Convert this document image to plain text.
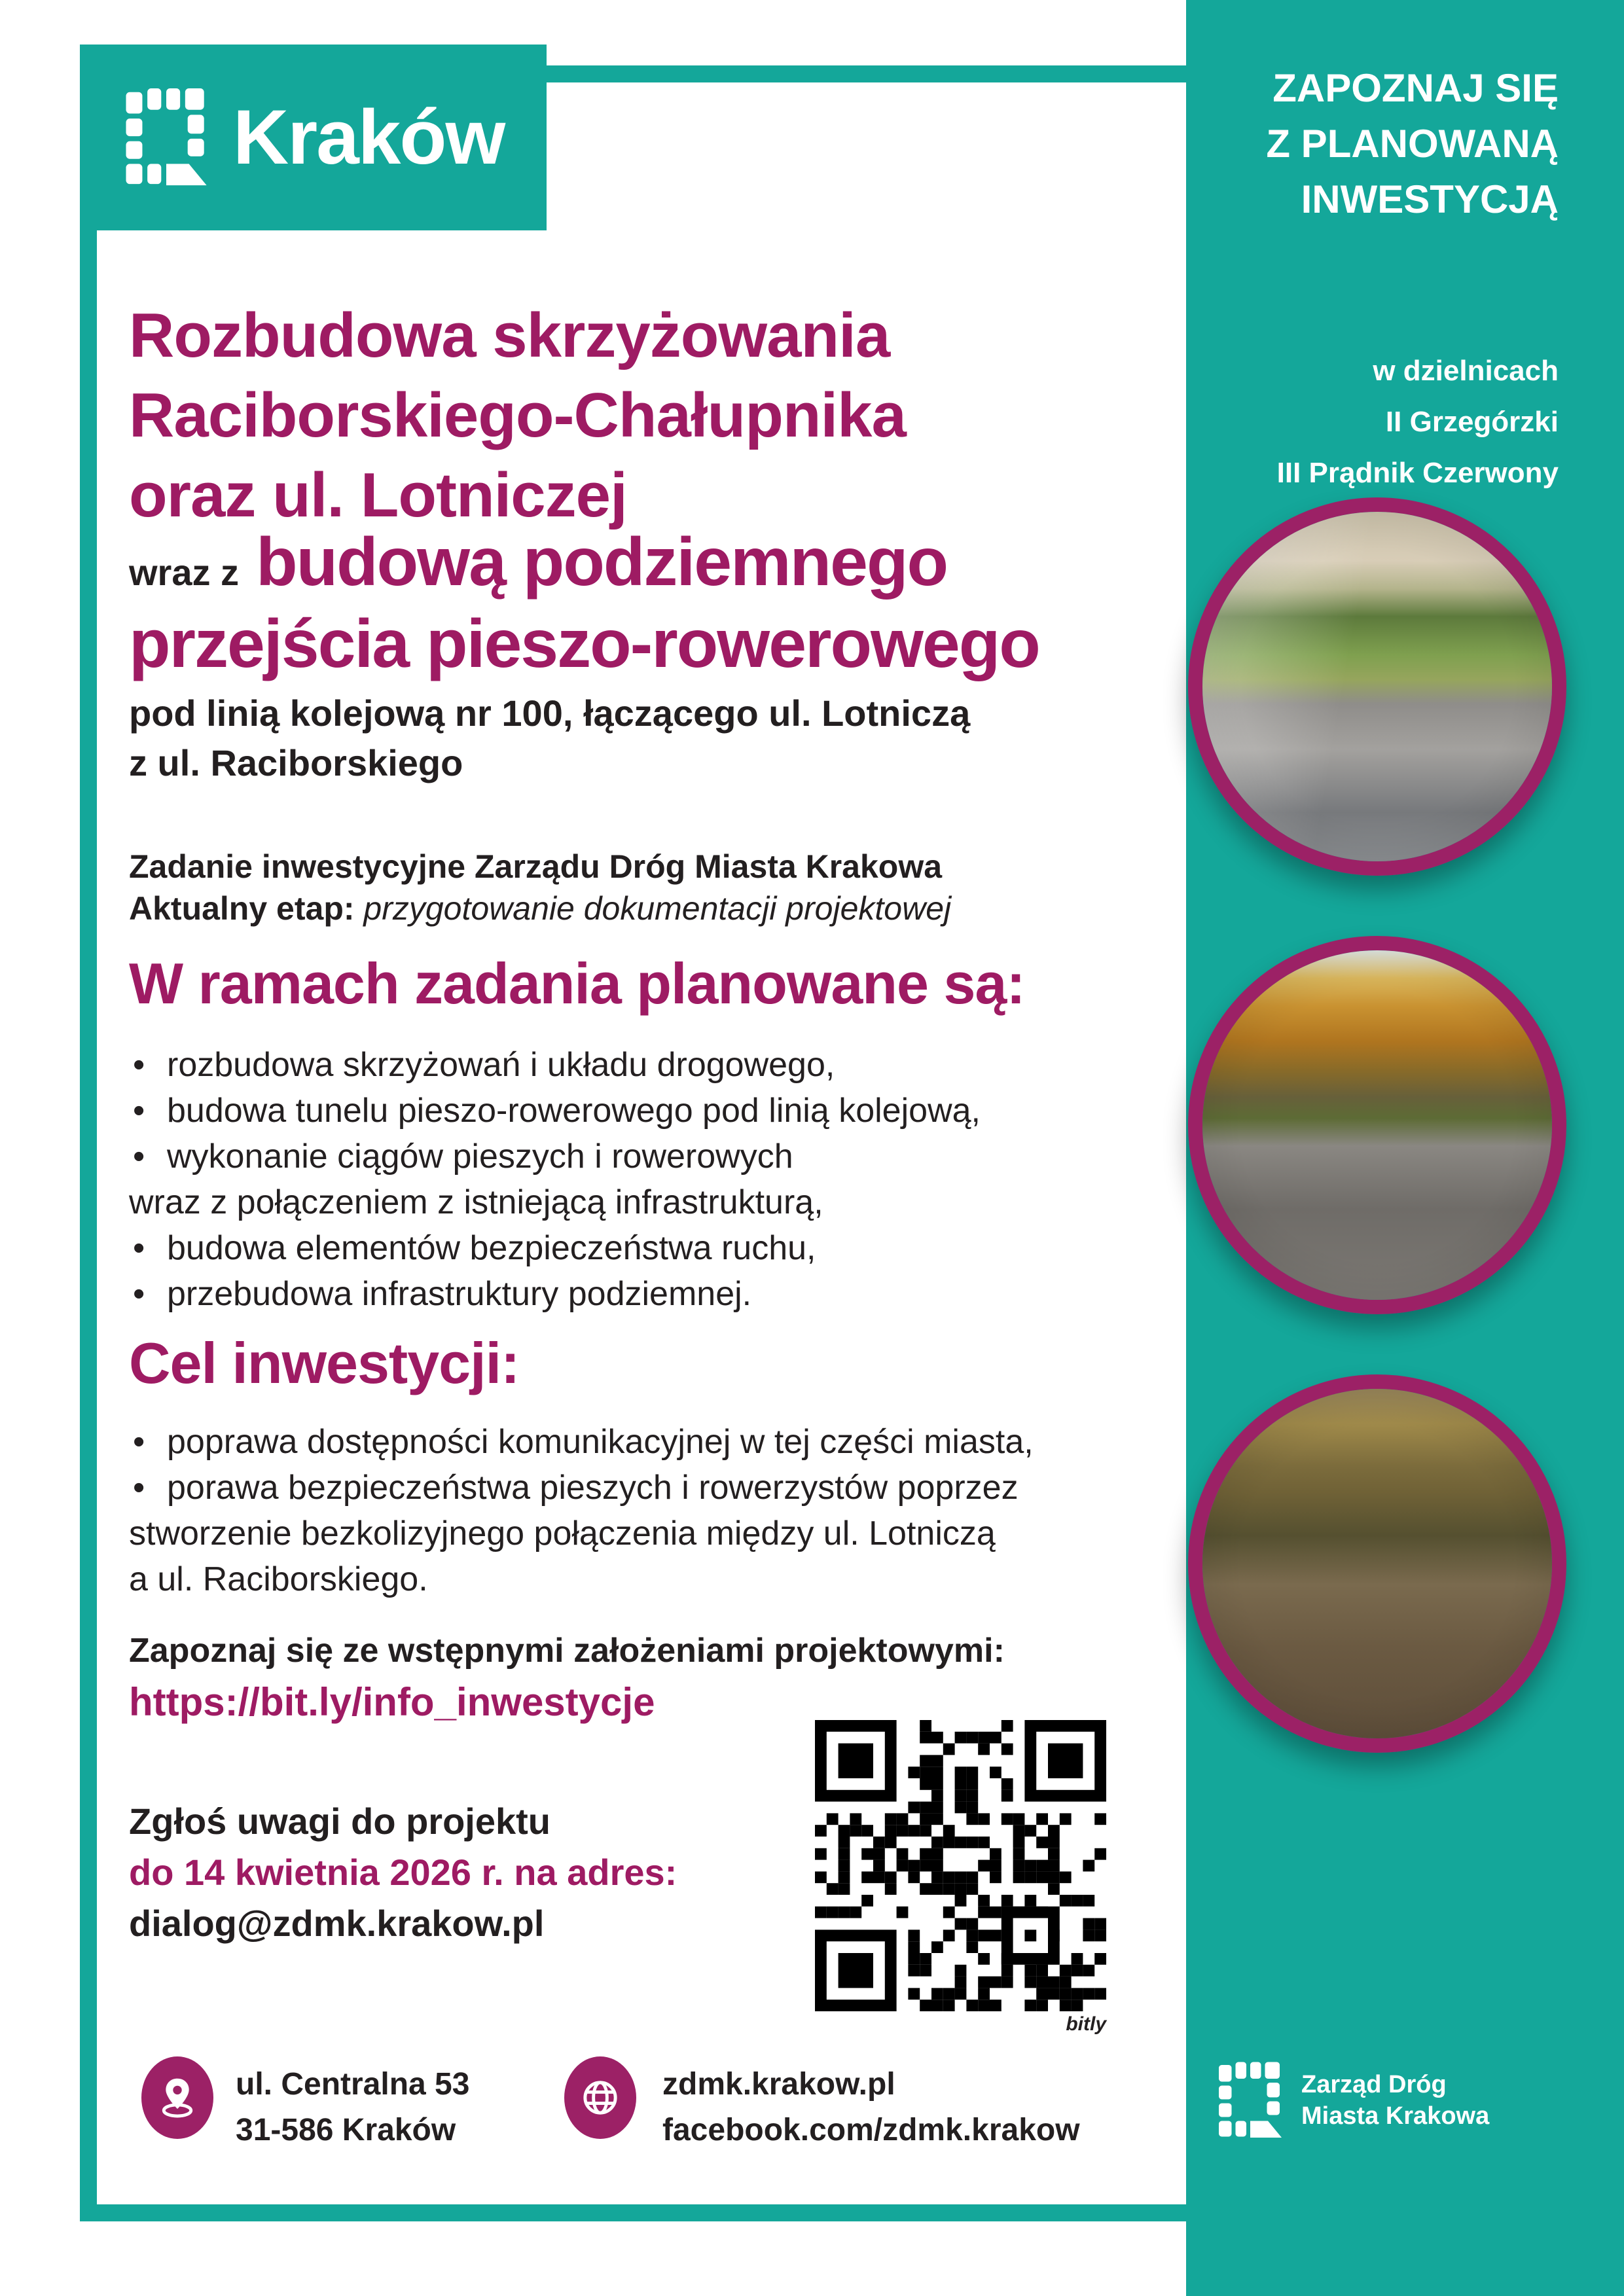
Kraków
Rozbudowa skrzyżowania
Raciborskiego-Chałupnika
oraz ul. Lotniczej
wraz z budową podziemnego
przejścia pieszo-rowerowego
pod linią kolejową nr 100, łączącego ul. Lotniczą
z ul. Raciborskiego
Zadanie inwestycyjne Zarządu Dróg Miasta Krakowa
Aktualny etap: przygotowanie dokumentacji projektowej
W ramach zadania planowane są:
• rozbudowa skrzyżowań i układu drogowego,
• budowa tunelu pieszo-rowerowego pod linią kolejową,
• wykonanie ciągów pieszych i rowerowych
wraz z połączeniem z istniejącą infrastrukturą,
• budowa elementów bezpieczeństwa ruchu,
• przebudowa infrastruktury podziemnej.
Cel inwestycji:
• poprawa dostępności komunikacyjnej w tej części miasta,
• porawa bezpieczeństwa pieszych i rowerzystów poprzez
stworzenie bezkolizyjnego połączenia między ul. Lotniczą
a ul. Raciborskiego.
Zapoznaj się ze wstępnymi założeniami projektowymi:
https://bit.ly/info_inwestycje
Zgłoś uwagi do projektu
do 14 kwietnia 2026 r. na adres:
dialog@zdmk.krakow.pl
bitly
ul. Centralna 53
31-586 Kraków
zdmk.krakow.pl
facebook.com/zdmk.krakow
ZAPOZNAJ SIĘ
Z PLANOWANĄ
INWESTYCJĄ
w dzielnicach
II Grzegórzki
III Prądnik Czerwony
Zarząd Dróg
Miasta Krakowa
